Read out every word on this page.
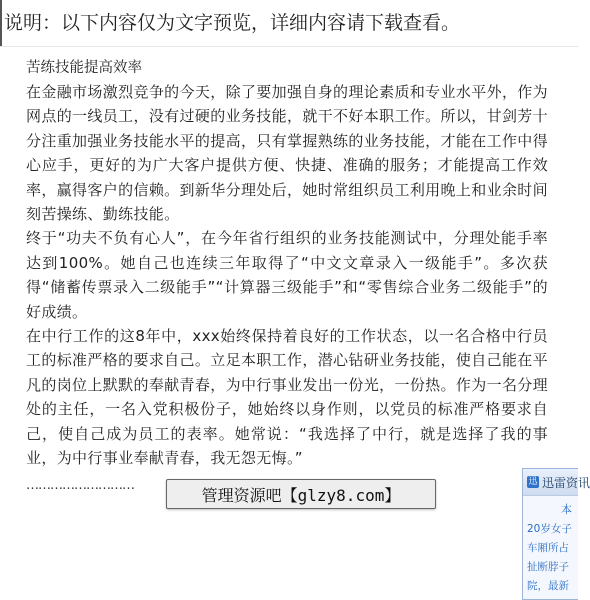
说明：以下内容仅为文字预览，详细内容请下载查看。
苦练技能提高效率

在金融市场激烈竞争的今天，除了要加强自身的理论素质和专业水平外，作为网点的一线员工，没有过硬的业务技能，就干不好本职工作。所以，甘剑芳十分注重加强业务技能水平的提高，只有掌握熟练的业务技能，才能在工作中得心应手，更好的为广大客户提供方便、快捷、准确的服务；才能提高工作效率，赢得客户的信赖。到新华分理处后，她时常组织员工利用晚上和业余时间刻苦操练、勤练技能。

终于“功夫不负有心人”，在今年省行组织的业务技能测试中，分理处能手率达到100%。她自己也连续三年取得了“中文文章录入一级能手”。多次获得“储蓄传票录入二级能手”“计算器三级能手”和“零售综合业务二级能手”的好成绩。

在中行工作的这8年中，xxx始终保持着良好的工作状态，以一名合格中行员工的标准严格的要求自己。立足本职工作，潜心钻研业务技能，使自己能在平凡的岗位上默默的奉献青春，为中行事业发出一份光，一份热。作为一名分理处的主任，一名入党积极份子，她始终以身作则，以党员的标准严格要求自己，使自己成为员工的表率。她常说：“我选择了中行，就是选择了我的事业，为中行事业奉献青春，我无怨无悔。”

………………………
管理资源吧【glzy8.com】
迅 迅雷资讯
本
20岁女子
车厢所占
扯断脖子
院，最新
